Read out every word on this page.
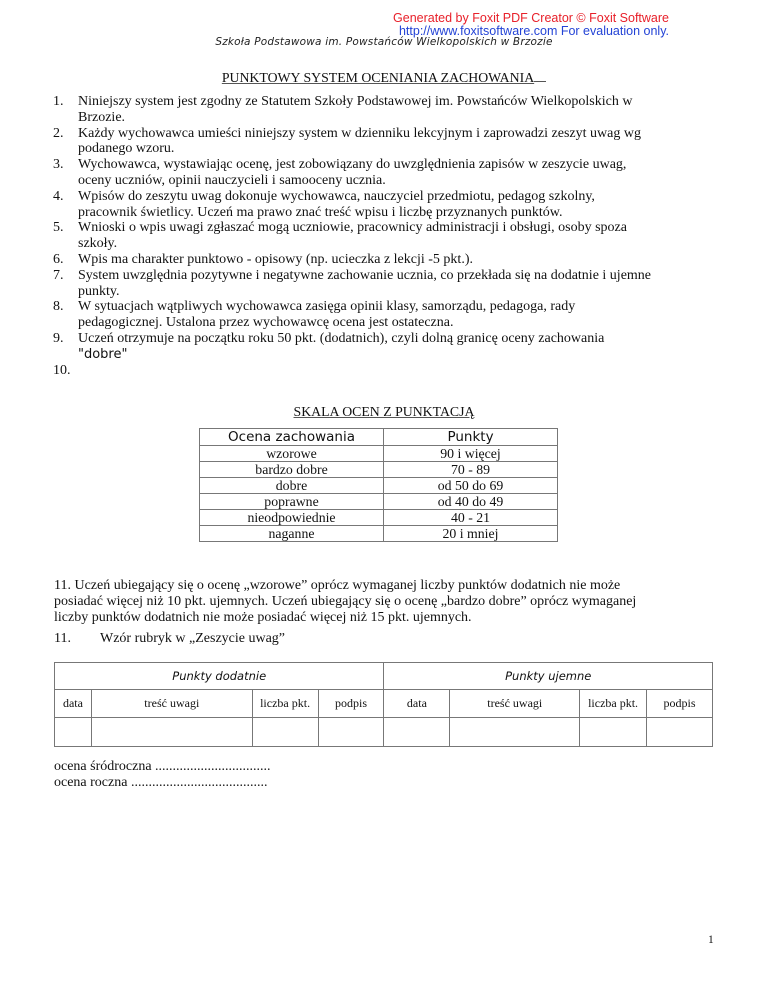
Generated by Foxit PDF Creator © Foxit Software
http://www.foxitsoftware.com For evaluation only.
Szkoła Podstawowa im. Powstańców Wielkopolskich w Brzozie
PUNKTOWY SYSTEM OCENIANIA ZACHOWANIA
1. Niniejszy system jest zgodny ze Statutem Szkoły Podstawowej im. Powstańców Wielkopolskich w
Brzozie.
2. Każdy wychowawca umieści niniejszy system w dzienniku lekcyjnym i zaprowadzi zeszyt uwag wg
podanego wzoru.
3. Wychowawca, wystawiając ocenę, jest zobowiązany do uwzględnienia zapisów w zeszycie uwag,
oceny uczniów, opinii nauczycieli i samooceny ucznia.
4. Wpisów do zeszytu uwag dokonuje wychowawca, nauczyciel przedmiotu, pedagog szkolny,
pracownik świetlicy. Uczeń ma prawo znać treść wpisu i liczbę przyznanych punktów.
5. Wnioski o wpis uwagi zgłaszać mogą uczniowie, pracownicy administracji i obsługi, osoby spoza
szkoły.
6. Wpis ma charakter punktowo - opisowy (np. ucieczka z lekcji -5 pkt.).
7. System uwzględnia pozytywne i negatywne zachowanie ucznia, co przekłada się na dodatnie i ujemne
punkty.
8. W sytuacjach wątpliwych wychowawca zasięga opinii klasy, samorządu, pedagoga, rady
pedagogicznej. Ustalona przez wychowawcę ocena jest ostateczna.
9. Uczeń otrzymuje na początku roku 50 pkt. (dodatnich), czyli dolną granicę oceny zachowania
"dobre"
10.

SKALA OCEN Z PUNKTACJĄ
Ocena zachowania	Punkty
wzorowe	90 i więcej
bardzo dobre	70 - 89
dobre	od 50 do 69
poprawne	od 40 do 49
nieodpowiednie	40 - 21
naganne	20 i mniej
11. Uczeń ubiegający się o ocenę „wzorowe” oprócz wymaganej liczby punktów dodatnich nie może
posiadać więcej niż 10 pkt. ujemnych. Uczeń ubiegający się o ocenę „bardzo dobre” oprócz wymaganej
liczby punktów dodatnich nie może posiadać więcej niż 15 pkt. ujemnych.
11. Wzór rubryk w „Zeszycie uwag”
Punkty dodatnie				Punkty ujemne			
data	treść uwagi	liczba pkt.	podpis	data	treść uwagi	liczba pkt.	podpis

ocena śródroczna .................................
ocena roczna .......................................
1
